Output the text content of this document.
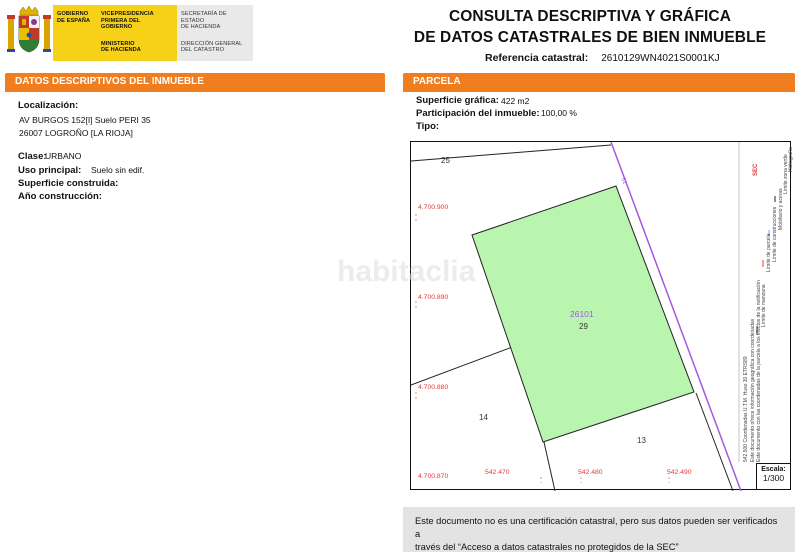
GOBIERNO
DE ESPAÑA
VICEPRESIDENCIA
PRIMERA DEL GOBIERNO
MINISTERIO
DE HACIENDA
SECRETARÍA DE ESTADO
DE HACIENDA
DIRECCIÓN GENERAL
DEL CATASTRO
CONSULTA DESCRIPTIVA Y GRÁFICA
DE DATOS CATASTRALES DE BIEN INMUEBLE
Referencia catastral: 2610129WN4021S0001KJ
DATOS DESCRIPTIVOS DEL INMUEBLE
Localización:
AV BURGOS 152[I] Suelo PERI 35
26007 LOGROÑO [LA RIOJA]
Clase:
URBANO
Uso principal: Suelo sin edif.
Superficie construida:
Año construcción:
PARCELA
Superficie gráfica: 422 m2
Participación del inmueble: 100,00 %
Tipo:
25
14
13
26101
29
51
4.700.900
4.700.890
4.700.880
4.700.870
542.470	542.480	542.490
542.500 Coordenadas U.T.M. Huso 30 ETRS89 Este documento ofrece información geográfica con coordenadas Este documento con las coordenadas de la parcela a los efectos de la notificación Límite de manzana
Límite de parcela Límite de construcciones Mobiliario y aceras
Límite zona verde Hidrografía
SEC
Escala:
1/300
habitaclia
Este documento no es una certificación catastral, pero sus datos pueden ser verificados a
través del “Acceso a datos catastrales no protegidos de la SEC”
